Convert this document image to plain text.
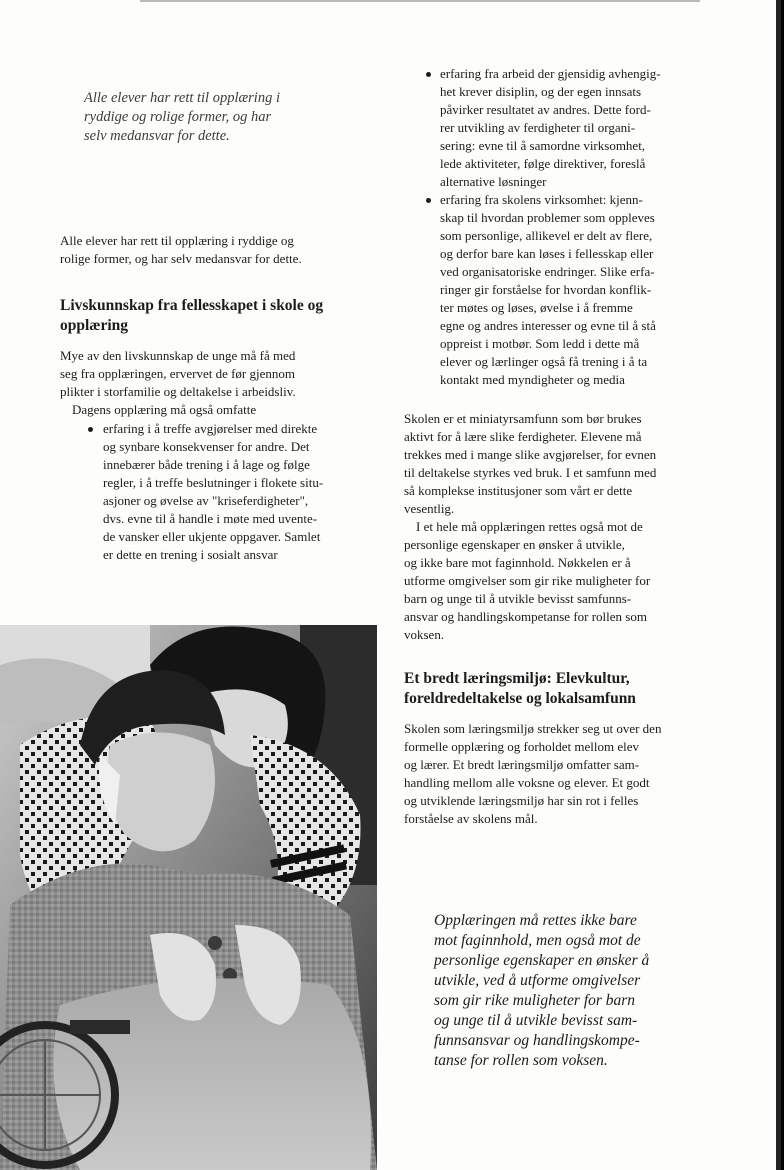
Alle elever har rett til opplæring i
ryddige og rolige former, og har
selv medansvar for dette.

Alle elever har rett til opplæring i ryddige og
rolige former, og har selv medansvar for dette.

Livskunnskap fra fellesskapet i skole og
opplæring

Mye av den livskunnskap de unge må få med
seg fra opplæringen, ervervet de før gjennom
plikter i storfamilie og deltakelse i arbeidsliv.
Dagens opplæring må også omfatte

erfaring i å treffe avgjørelser med direkte
og synbare konsekvenser for andre. Det
innebærer både trening i å lage og følge
regler, i å treffe beslutninger i flokete situ-
asjoner og øvelse av "kriseferdigheter",
dvs. evne til å handle i møte med uvente-
de vansker eller ukjente oppgaver. Samlet
er dette en trening i sosialt ansvar
erfaring fra arbeid der gjensidig avhengig-
het krever disiplin, og der egen innsats
påvirker resultatet av andres. Dette ford-
rer utvikling av ferdigheter til organi-
sering: evne til å samordne virksomhet,
lede aktiviteter, følge direktiver, foreslå
alternative løsninger
erfaring fra skolens virksomhet: kjenn-
skap til hvordan problemer som oppleves
som personlige, allikevel er delt av flere,
og derfor bare kan løses i fellesskap eller
ved organisatoriske endringer. Slike erfa-
ringer gir forståelse for hvordan konflik-
ter møtes og løses, øvelse i å fremme
egne og andres interesser og evne til å stå
oppreist i motbør. Som ledd i dette må
elever og lærlinger også få trening i å ta
kontakt med myndigheter og media

Skolen er et miniatyrsamfunn som bør brukes
aktivt for å lære slike ferdigheter. Elevene må
trekkes med i mange slike avgjørelser, for evnen
til deltakelse styrkes ved bruk. I et samfunn med
så komplekse institusjoner som vårt er dette
vesentlig.

I et hele må opplæringen rettes også mot de
personlige egenskaper en ønsker å utvikle,
og ikke bare mot faginnhold. Nøkkelen er å
utforme omgivelser som gir rike muligheter for
barn og unge til å utvikle bevisst samfunns-
ansvar og handlingskompetanse for rollen som
voksen.

Et bredt læringsmiljø: Elevkultur,
foreldredeltakelse og lokalsamfunn

Skolen som læringsmiljø strekker seg ut over den
formelle opplæring og forholdet mellom elev
og lærer. Et bredt læringsmiljø omfatter sam-
handling mellom alle voksne og elever. Et godt
og utviklende læringsmiljø har sin rot i felles
forståelse av skolens mål.

Opplæringen må rettes ikke bare
mot faginnhold, men også mot de
personlige egenskaper en ønsker å
utvikle, ved å utforme omgivelser
som gir rike muligheter for barn
og unge til å utvikle bevisst sam-
funnsansvar og handlingskompe-
tanse for rollen som voksen.
